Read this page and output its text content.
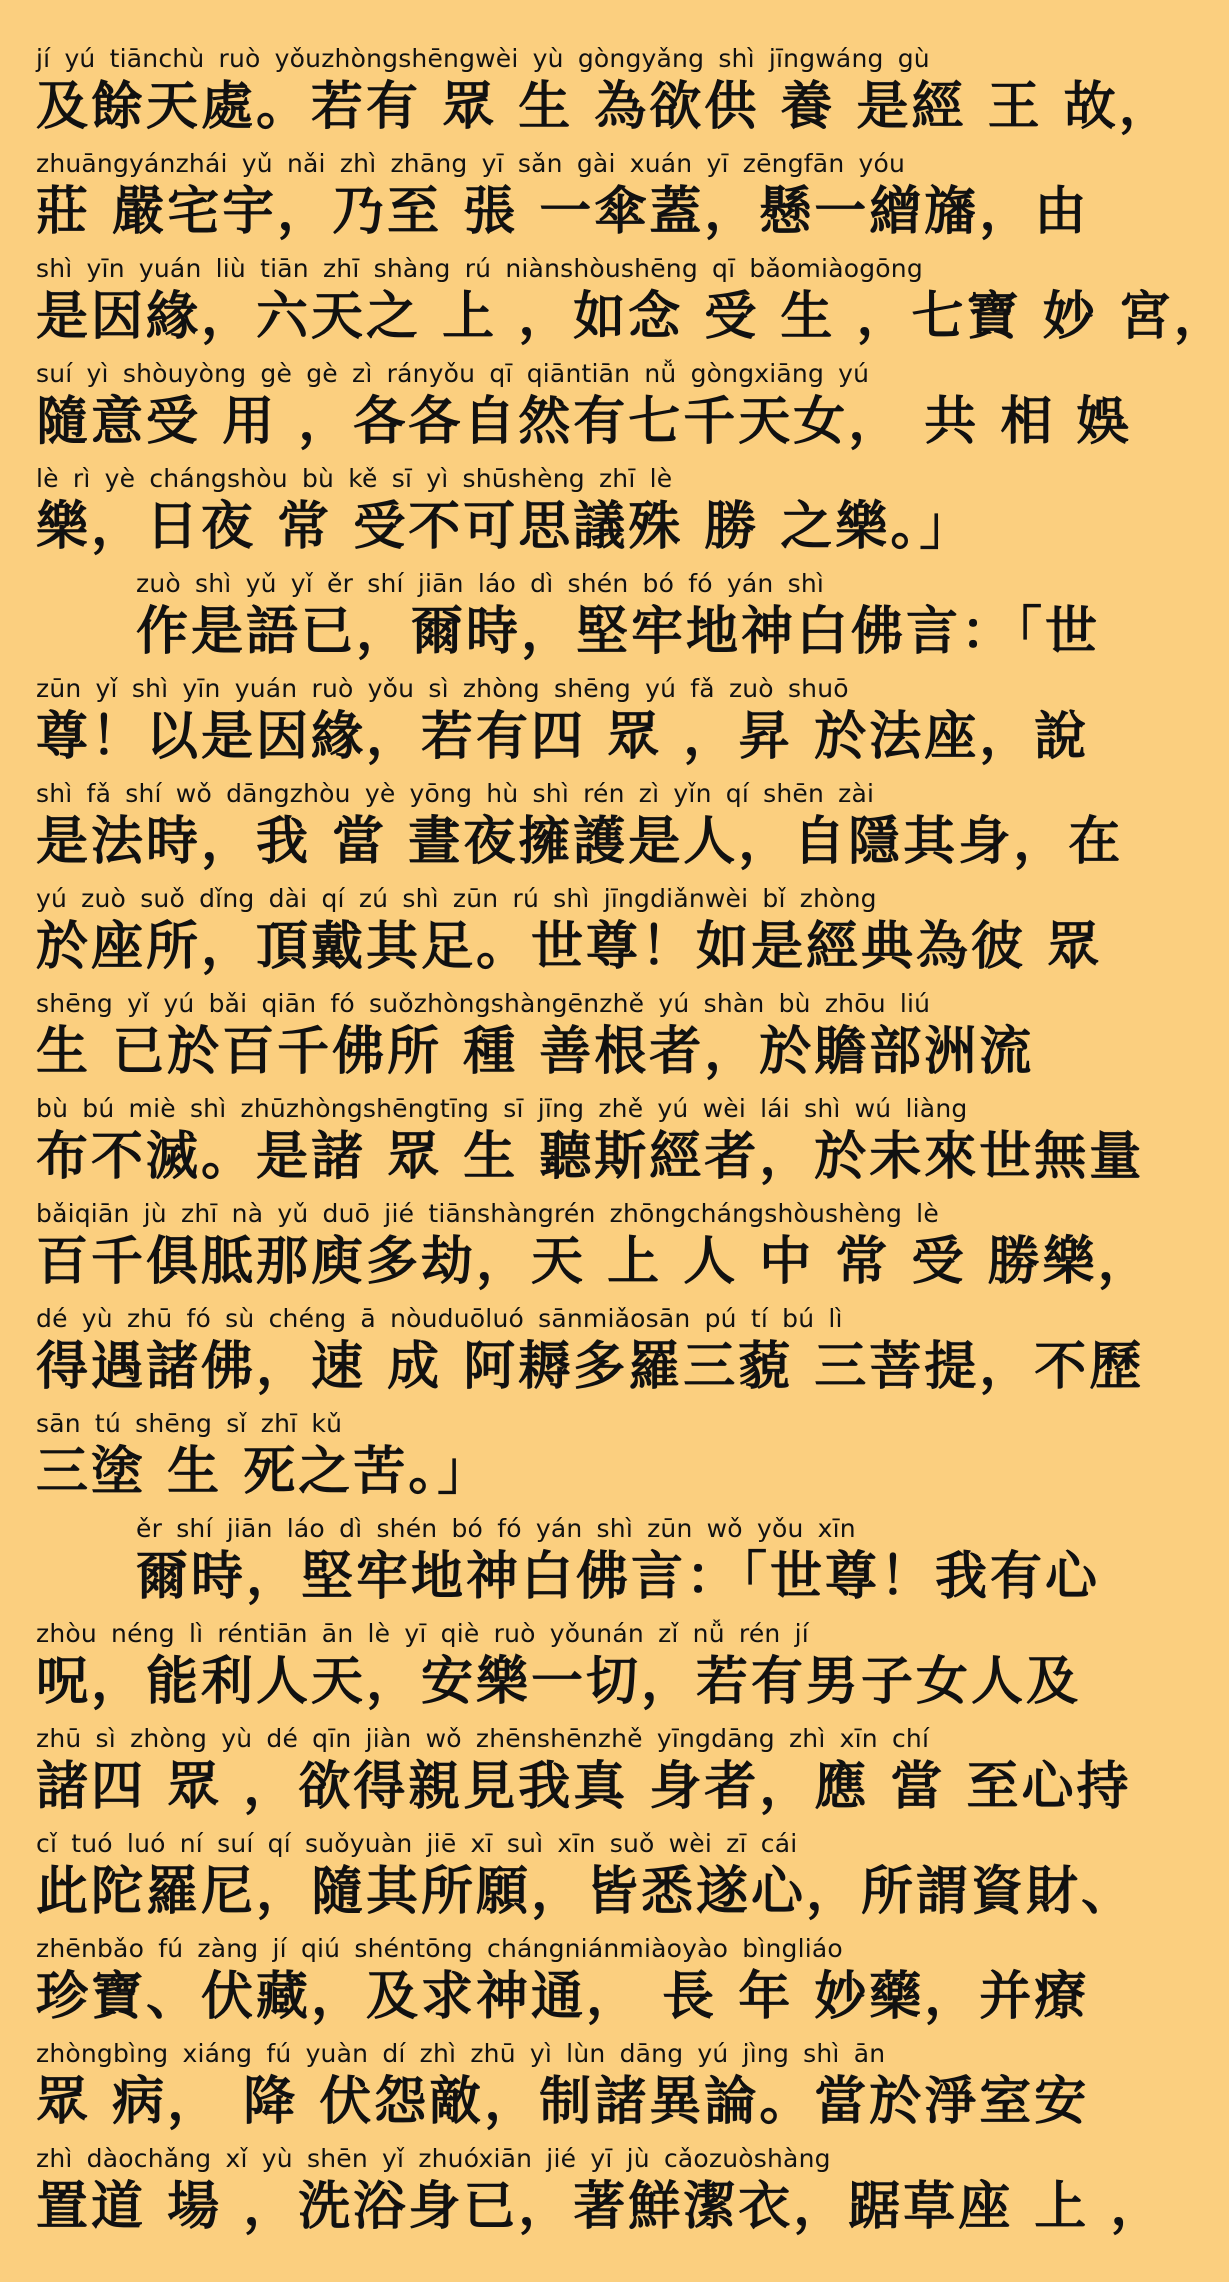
jí yú tiānchù ruò yǒuzhòngshēngwèi yù gòngyǎng shì jīngwáng gù
及餘天處。若有 眾 生 為欲供 養 是經 王 故，
zhuāngyánzhái yǔ nǎi zhì zhāng yī sǎn gài xuán yī zēngfān yóu
莊 嚴宅宇，乃至 張 一傘蓋，懸一繒旛，由
shì yīn yuán liù tiān zhī shàng rú niànshòushēng qī bǎomiàogōng
是因緣，六天之 上 ，如念 受 生 ，七寶 妙 宮，
suí yì shòuyòng gè gè zì rányǒu qī qiāntiān nǚ gòngxiāng yú
隨意受 用 ，各各自然有七千天女， 共 相 娛
lè rì yè chángshòu bù kě sī yì shūshèng zhī lè
樂，日夜 常 受不可思議殊 勝 之樂。」
zuò shì yǔ yǐ ěr shí jiān láo dì shén bó fó yán shì
作是語已，爾時，堅牢地神白佛言：「世
zūn yǐ shì yīn yuán ruò yǒu sì zhòng shēng yú fǎ zuò shuō
尊！以是因緣，若有四 眾 ，昇 於法座，說
shì fǎ shí wǒ dāngzhòu yè yōng hù shì rén zì yǐn qí shēn zài
是法時，我 當 晝夜擁護是人，自隱其身，在
yú zuò suǒ dǐng dài qí zú shì zūn rú shì jīngdiǎnwèi bǐ zhòng
於座所，頂戴其足。世尊！如是經典為彼 眾
shēng yǐ yú bǎi qiān fó suǒzhòngshàngēnzhě yú shàn bù zhōu liú
生 已於百千佛所 種 善根者，於贍部洲流
bù bú miè shì zhūzhòngshēngtīng sī jīng zhě yú wèi lái shì wú liàng
布不滅。是諸 眾 生 聽斯經者，於未來世無量
bǎiqiān jù zhī nà yǔ duō jié tiānshàngrén zhōngchángshòushèng lè
百千俱胝那庾多劫，天 上 人 中 常 受 勝樂，
dé yù zhū fó sù chéng ā nòuduōluó sānmiǎosān pú tí bú lì
得遇諸佛，速 成 阿耨多羅三藐 三菩提，不歷
sān tú shēng sǐ zhī kǔ
三塗 生 死之苦。」
ěr shí jiān láo dì shén bó fó yán shì zūn wǒ yǒu xīn
爾時，堅牢地神白佛言：「世尊！我有心
zhòu néng lì réntiān ān lè yī qiè ruò yǒunán zǐ nǚ rén jí
呪，能利人天，安樂一切，若有男子女人及
zhū sì zhòng yù dé qīn jiàn wǒ zhēnshēnzhě yīngdāng zhì xīn chí
諸四 眾 ，欲得親見我真 身者，應 當 至心持
cǐ tuó luó ní suí qí suǒyuàn jiē xī suì xīn suǒ wèi zī cái
此陀羅尼，隨其所願，皆悉遂心，所謂資財、
zhēnbǎo fú zàng jí qiú shéntōng chángniánmiàoyào bìngliáo
珍寶、伏藏，及求神通， 長 年 妙藥，并療
zhòngbìng xiáng fú yuàn dí zhì zhū yì lùn dāng yú jìng shì ān
眾 病， 降 伏怨敵，制諸異論。當於淨室安
zhì dàochǎng xǐ yù shēn yǐ zhuóxiān jié yī jù cǎozuòshàng
置道 場 ，洗浴身已，著鮮潔衣，踞草座 上 ，
